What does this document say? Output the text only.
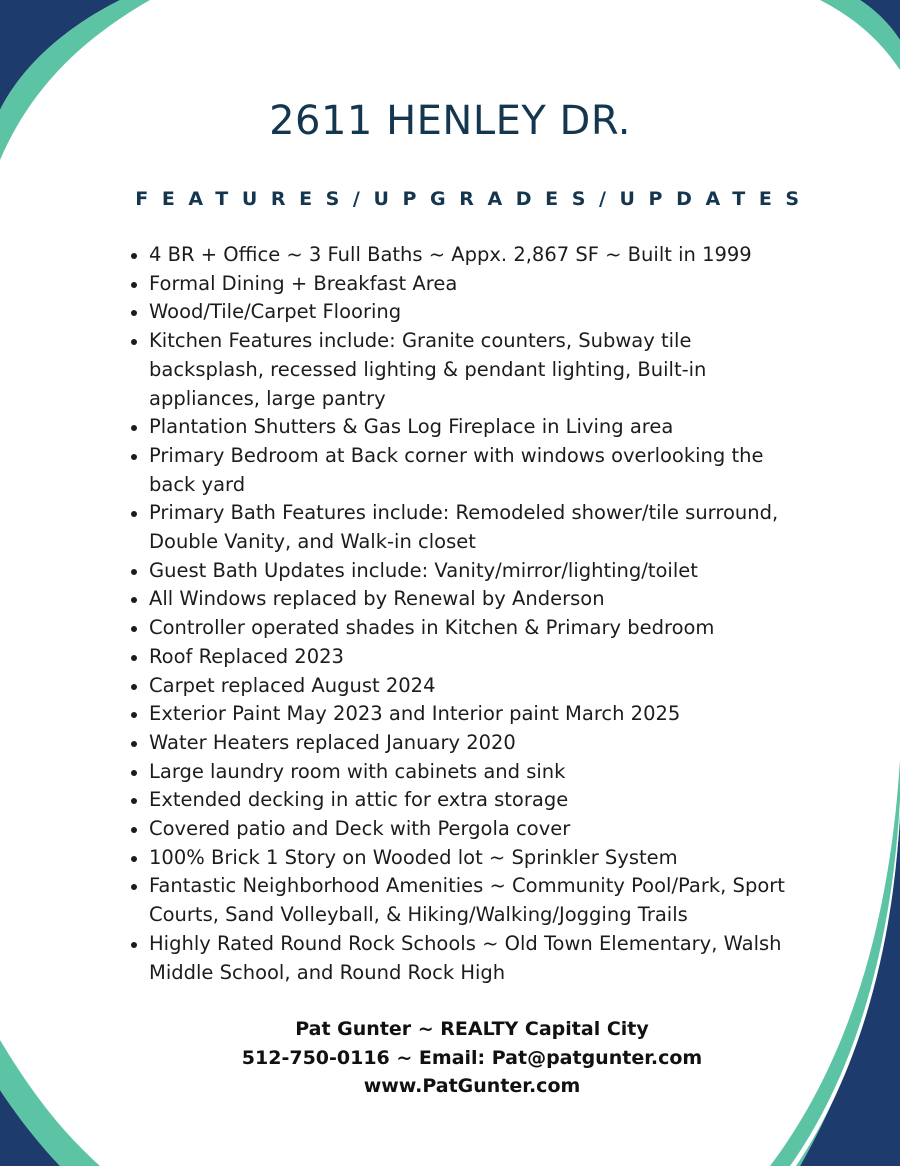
2611 HENLEY DR.
FEATURES/UPGRADES/UPDATES
4 BR + Office ~ 3 Full Baths ~ Appx. 2,867 SF ~ Built in 1999
Formal Dining + Breakfast Area
Wood/Tile/Carpet Flooring
Kitchen Features include: Granite counters, Subway tile
backsplash, recessed lighting & pendant lighting, Built-in
appliances, large pantry
Plantation Shutters & Gas Log Fireplace in Living area
Primary Bedroom at Back corner with windows overlooking the
back yard
Primary Bath Features include: Remodeled shower/tile surround,
Double Vanity, and Walk-in closet
Guest Bath Updates include: Vanity/mirror/lighting/toilet
All Windows replaced by Renewal by Anderson
Controller operated shades in Kitchen & Primary bedroom
Roof Replaced 2023
Carpet replaced August 2024
Exterior Paint May 2023 and Interior paint March 2025
Water Heaters replaced January 2020
Large laundry room with cabinets and sink
Extended decking in attic for extra storage
Covered patio and Deck with Pergola cover
100% Brick 1 Story on Wooded lot ~ Sprinkler System
Fantastic Neighborhood Amenities ~ Community Pool/Park, Sport
Courts, Sand Volleyball, & Hiking/Walking/Jogging Trails
Highly Rated Round Rock Schools ~ Old Town Elementary, Walsh
Middle School, and Round Rock High
Pat Gunter ~ REALTY Capital City
512-750-0116 ~ Email: Pat@patgunter.com
www.PatGunter.com
